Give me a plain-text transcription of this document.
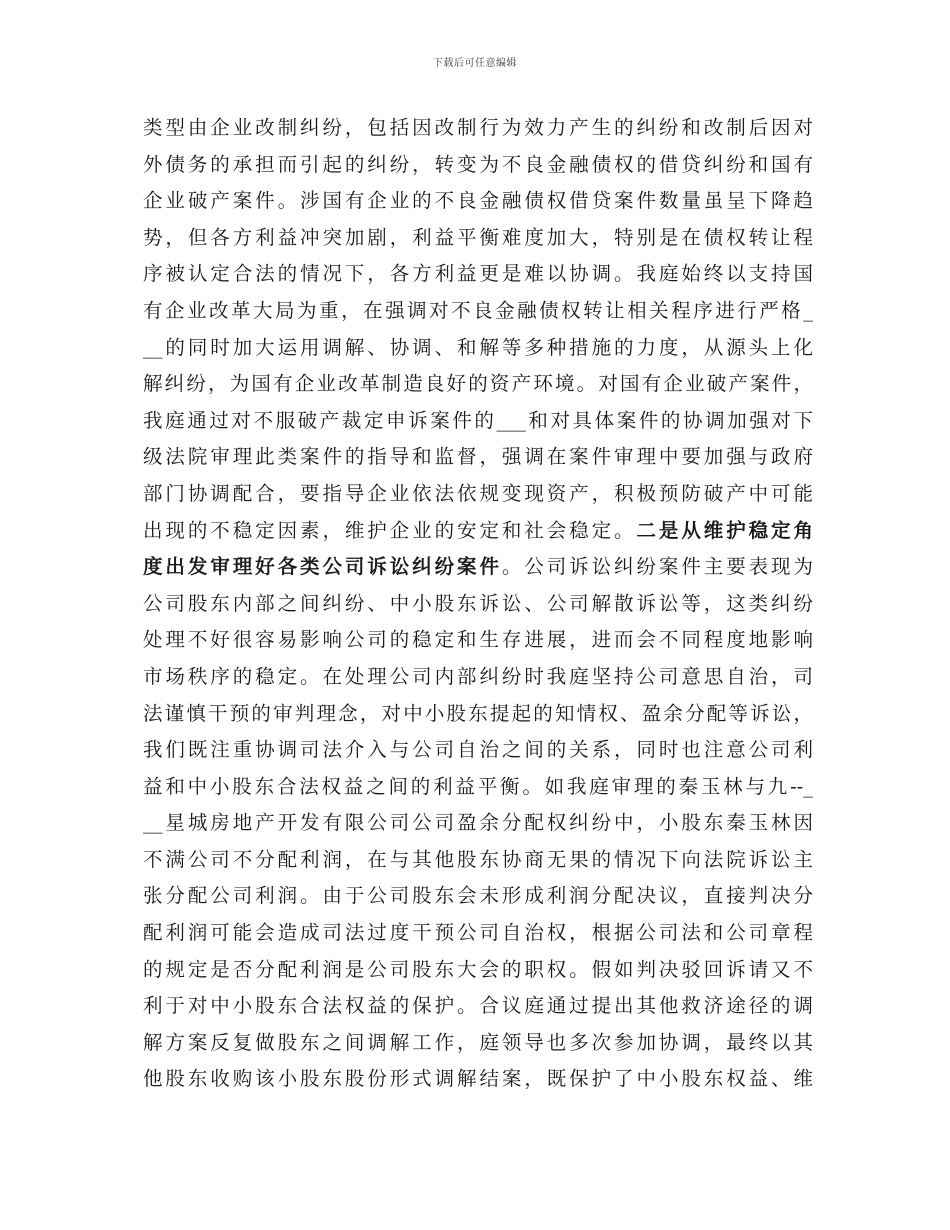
下载后可任意编辑
类型由企业改制纠纷，包括因改制行为效力产生的纠纷和改制后因对
外债务的承担而引起的纠纷，转变为不良金融债权的借贷纠纷和国有
企业破产案件。涉国有企业的不良金融债权借贷案件数量虽呈下降趋
势，但各方利益冲突加剧，利益平衡难度加大，特别是在债权转让程
序被认定合法的情况下，各方利益更是难以协调。我庭始终以支持国
有企业改革大局为重，在强调对不良金融债权转让相关程序进行严格_
__的同时加大运用调解、协调、和解等多种措施的力度，从源头上化
解纠纷，为国有企业改革制造良好的资产环境。对国有企业破产案件，
我庭通过对不服破产裁定申诉案件的___和对具体案件的协调加强对下
级法院审理此类案件的指导和监督，强调在案件审理中要加强与政府
部门协调配合，要指导企业依法依规变现资产，积极预防破产中可能
出现的不稳定因素，维护企业的安定和社会稳定。二是从维护稳定角
度出发审理好各类公司诉讼纠纷案件。公司诉讼纠纷案件主要表现为
公司股东内部之间纠纷、中小股东诉讼、公司解散诉讼等，这类纠纷
处理不好很容易影响公司的稳定和生存进展，进而会不同程度地影响
市场秩序的稳定。在处理公司内部纠纷时我庭坚持公司意思自治，司
法谨慎干预的审判理念，对中小股东提起的知情权、盈余分配等诉讼，
我们既注重协调司法介入与公司自治之间的关系，同时也注意公司利
益和中小股东合法权益之间的利益平衡。如我庭审理的秦玉林与九--_
__星城房地产开发有限公司公司盈余分配权纠纷中，小股东秦玉林因
不满公司不分配利润，在与其他股东协商无果的情况下向法院诉讼主
张分配公司利润。由于公司股东会未形成利润分配决议，直接判决分
配利润可能会造成司法过度干预公司自治权，根据公司法和公司章程
的规定是否分配利润是公司股东大会的职权。假如判决驳回诉请又不
利于对中小股东合法权益的保护。合议庭通过提出其他救济途径的调
解方案反复做股东之间调解工作，庭领导也多次参加协调，最终以其
他股东收购该小股东股份形式调解结案，既保护了中小股东权益、维
